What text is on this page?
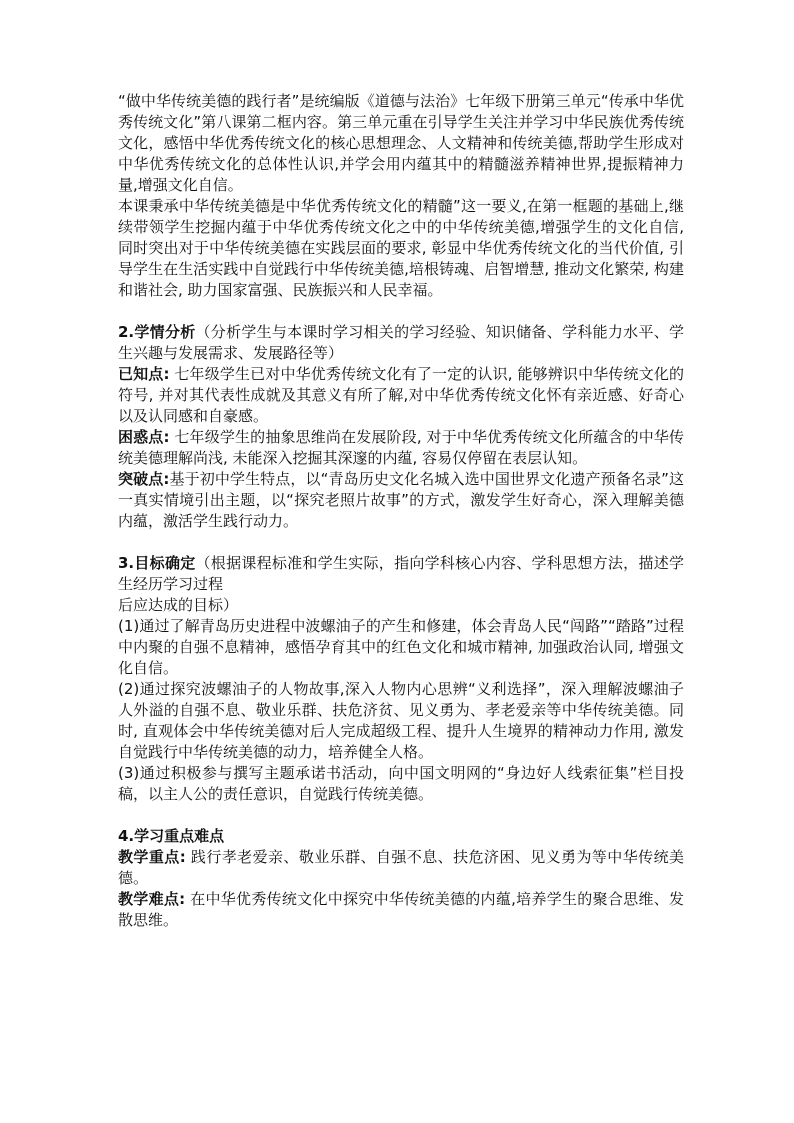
“做中华传统美德的践行者”是统编版《道德与法治》七年级下册第三单元“传承中华优秀传统文化”第八课第二框内容。第三单元重在引导学生关注并学习中华民族优秀传统文化，感悟中华优秀传统文化的核心思想理念、人文精神和传统美德,帮助学生形成对中华优秀传统文化的总体性认识,并学会用内蕴其中的精髓滋养精神世界,提振精神力量,增强文化自信。

本课秉承中华传统美德是中华优秀传统文化的精髓”这一要义,在第一框题的基础上,继续带领学生挖掘内蕴于中华优秀传统文化之中的中华传统美德,增强学生的文化自信, 同时突出对于中华传统美德在实践层面的要求, 彰显中华优秀传统文化的当代价值, 引导学生在生活实践中自觉践行中华传统美德,培根铸魂、启智增慧, 推动文化繁荣, 构建和谐社会, 助力国家富强、民族振兴和人民幸福。

2.学情分析（分析学生与本课时学习相关的学习经验、知识储备、学科能力水平、学生兴趣与发展需求、发展路径等）

已知点: 七年级学生已对中华优秀传统文化有了一定的认识, 能够辨识中华传统文化的符号, 并对其代表性成就及其意义有所了解,对中华优秀传统文化怀有亲近感、好奇心以及认同感和自豪感。

困惑点: 七年级学生的抽象思维尚在发展阶段, 对于中华优秀传统文化所蕴含的中华传统美德理解尚浅, 未能深入挖掘其深邃的内蕴, 容易仅停留在表层认知。

突破点:基于初中学生特点，以“青岛历史文化名城入选中国世界文化遗产预备名录”这一真实情境引出主题，以“探究老照片故事”的方式，激发学生好奇心，深入理解美德内蕴，激活学生践行动力。

3.目标确定（根据课程标准和学生实际，指向学科核心内容、学科思想方法，描述学生经历学习过程

后应达成的目标）

(1)通过了解青岛历史进程中波螺油子的产生和修建，体会青岛人民“闯路”“踏路”过程中内聚的自强不息精神，感悟孕育其中的红色文化和城市精神, 加强政治认同, 增强文化自信。

(2)通过探究波螺油子的人物故事,深入人物内心思辨“义利选择”，深入理解波螺油子人外溢的自强不息、敬业乐群、扶危济贫、见义勇为、孝老爱亲等中华传统美德。同时, 直观体会中华传统美德对后人完成超级工程、提升人生境界的精神动力作用, 激发自觉践行中华传统美德的动力，培养健全人格。

(3)通过积极参与撰写主题承诺书活动，向中国文明网的“身边好人线索征集”栏目投稿，以主人公的责任意识，自觉践行传统美德。

4.学习重点难点

教学重点: 践行孝老爱亲、敬业乐群、自强不息、扶危济困、见义勇为等中华传统美德。

教学难点: 在中华优秀传统文化中探究中华传统美德的内蕴,培养学生的聚合思维、发散思维。
